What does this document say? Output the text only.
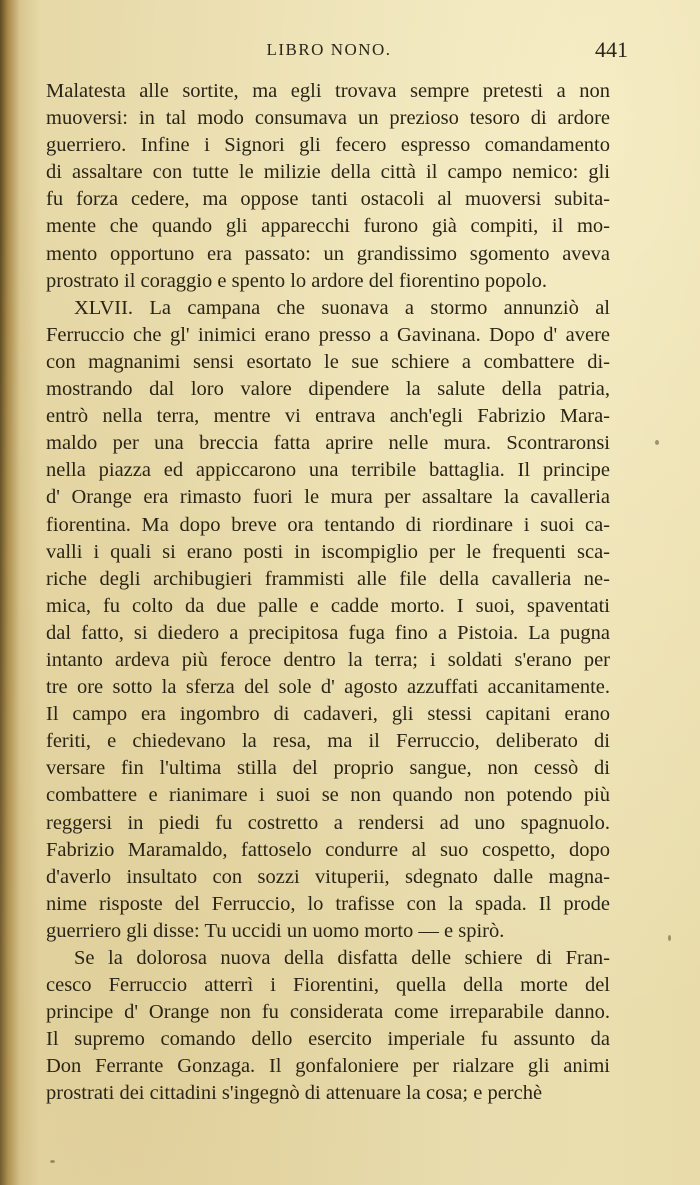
LIBRO NONO.	441
Malatesta alle sortite, ma egli trovava sempre pretesti a non
muoversi: in tal modo consumava un prezioso tesoro di ardore
guerriero. Infine i Signori gli fecero espresso comandamento
di assaltare con tutte le milizie della città il campo nemico: gli
fu forza cedere, ma oppose tanti ostacoli al muoversi subita-
mente che quando gli apparecchi furono già compiti, il mo-
mento opportuno era passato: un grandissimo sgomento aveva
prostrato il coraggio e spento lo ardore del fiorentino popolo.
XLVII. La campana che suonava a stormo annunziò al
Ferruccio che gl' inimici erano presso a Gavinana. Dopo d' avere
con magnanimi sensi esortato le sue schiere a combattere di-
mostrando dal loro valore dipendere la salute della patria,
entrò nella terra, mentre vi entrava anch'egli Fabrizio Mara-
maldo per una breccia fatta aprire nelle mura. Scontraronsi
nella piazza ed appiccarono una terribile battaglia. Il principe
d' Orange era rimasto fuori le mura per assaltare la cavalleria
fiorentina. Ma dopo breve ora tentando di riordinare i suoi ca-
valli i quali si erano posti in iscompiglio per le frequenti sca-
riche degli archibugieri frammisti alle file della cavalleria ne-
mica, fu colto da due palle e cadde morto. I suoi, spaventati
dal fatto, si diedero a precipitosa fuga fino a Pistoia. La pugna
intanto ardeva più feroce dentro la terra; i soldati s'erano per
tre ore sotto la sferza del sole d' agosto azzuffati accanitamente.
Il campo era ingombro di cadaveri, gli stessi capitani erano
feriti, e chiedevano la resa, ma il Ferruccio, deliberato di
versare fin l'ultima stilla del proprio sangue, non cessò di
combattere e rianimare i suoi se non quando non potendo più
reggersi in piedi fu costretto a rendersi ad uno spagnuolo.
Fabrizio Maramaldo, fattoselo condurre al suo cospetto, dopo
d'averlo insultato con sozzi vituperii, sdegnato dalle magna-
nime risposte del Ferruccio, lo trafisse con la spada. Il prode
guerriero gli disse: Tu uccidi un uomo morto — e spirò.
Se la dolorosa nuova della disfatta delle schiere di Fran-
cesco Ferruccio atterrì i Fiorentini, quella della morte del
principe d' Orange non fu considerata come irreparabile danno.
Il supremo comando dello esercito imperiale fu assunto da
Don Ferrante Gonzaga. Il gonfaloniere per rialzare gli animi
prostrati dei cittadini s'ingegnò di attenuare la cosa; e perchè
